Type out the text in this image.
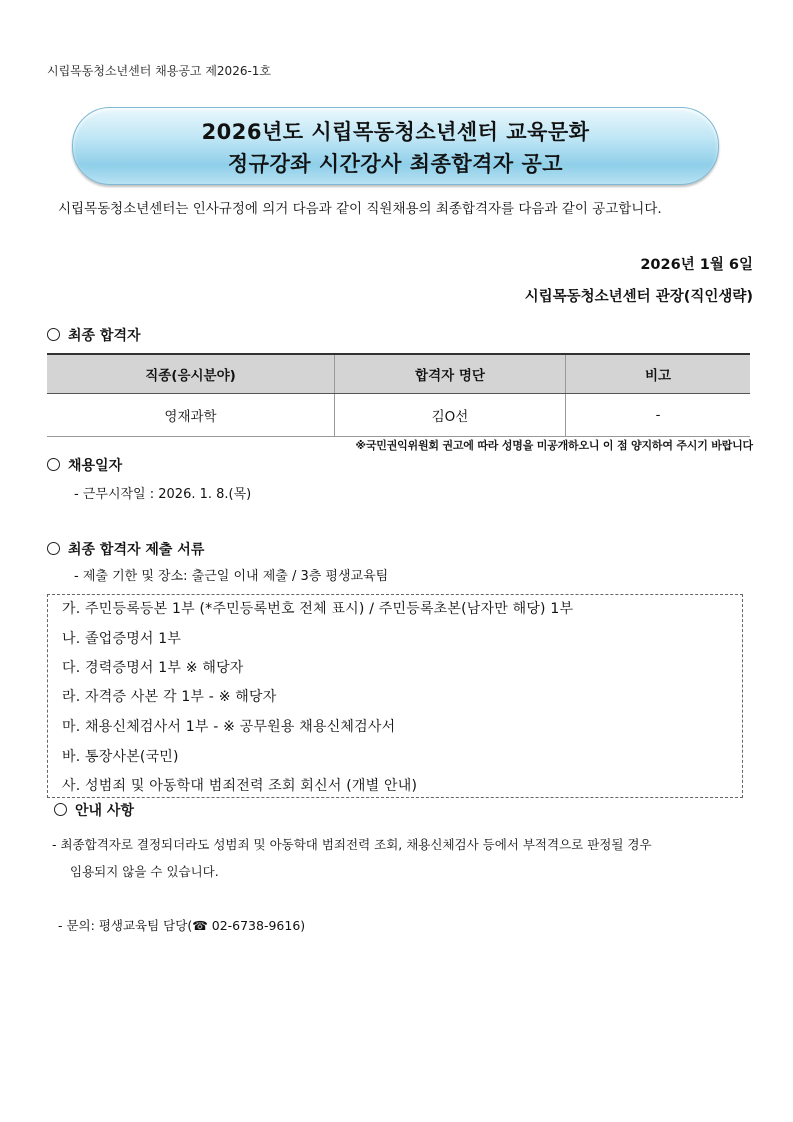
시립목동청소년센터 채용공고 제2026-1호
2026년도 시립목동청소년센터 교육문화
정규강좌 시간강사 최종합격자 공고
시립목동청소년센터는 인사규정에 의거 다음과 같이 직원채용의 최종합격자를 다음과 같이 공고합니다.
2026년 1월 6일
시립목동청소년센터 관장(직인생략)
최종 합격자
직종(응시분야)	합격자 명단	비고
영재과학	김O선	-
※국민권익위원회 권고에 따라 성명을 미공개하오니 이 점 양지하여 주시기 바랍니다
채용일자
- 근무시작일 : 2026. 1. 8.(목)
최종 합격자 제출 서류
- 제출 기한 및 장소: 출근일 이내 제출 / 3층 평생교육팀
가. 주민등록등본 1부 (*주민등록번호 전체 표시) / 주민등록초본(남자만 해당) 1부
나. 졸업증명서 1부
다. 경력증명서 1부 ※ 해당자
라. 자격증 사본 각 1부 - ※ 해당자
마. 채용신체검사서 1부 - ※ 공무원용 채용신체검사서
바. 통장사본(국민)
사. 성범죄 및 아동학대 범죄전력 조회 회신서 (개별 안내)
안내 사항
- 최종합격자로 결정되더라도 성범죄 및 아동학대 범죄전력 조회, 채용신체검사 등에서 부적격으로 판정될 경우
임용되지 않을 수 있습니다.
- 문의: 평생교육팀 담당(☎ 02-6738-9616)
